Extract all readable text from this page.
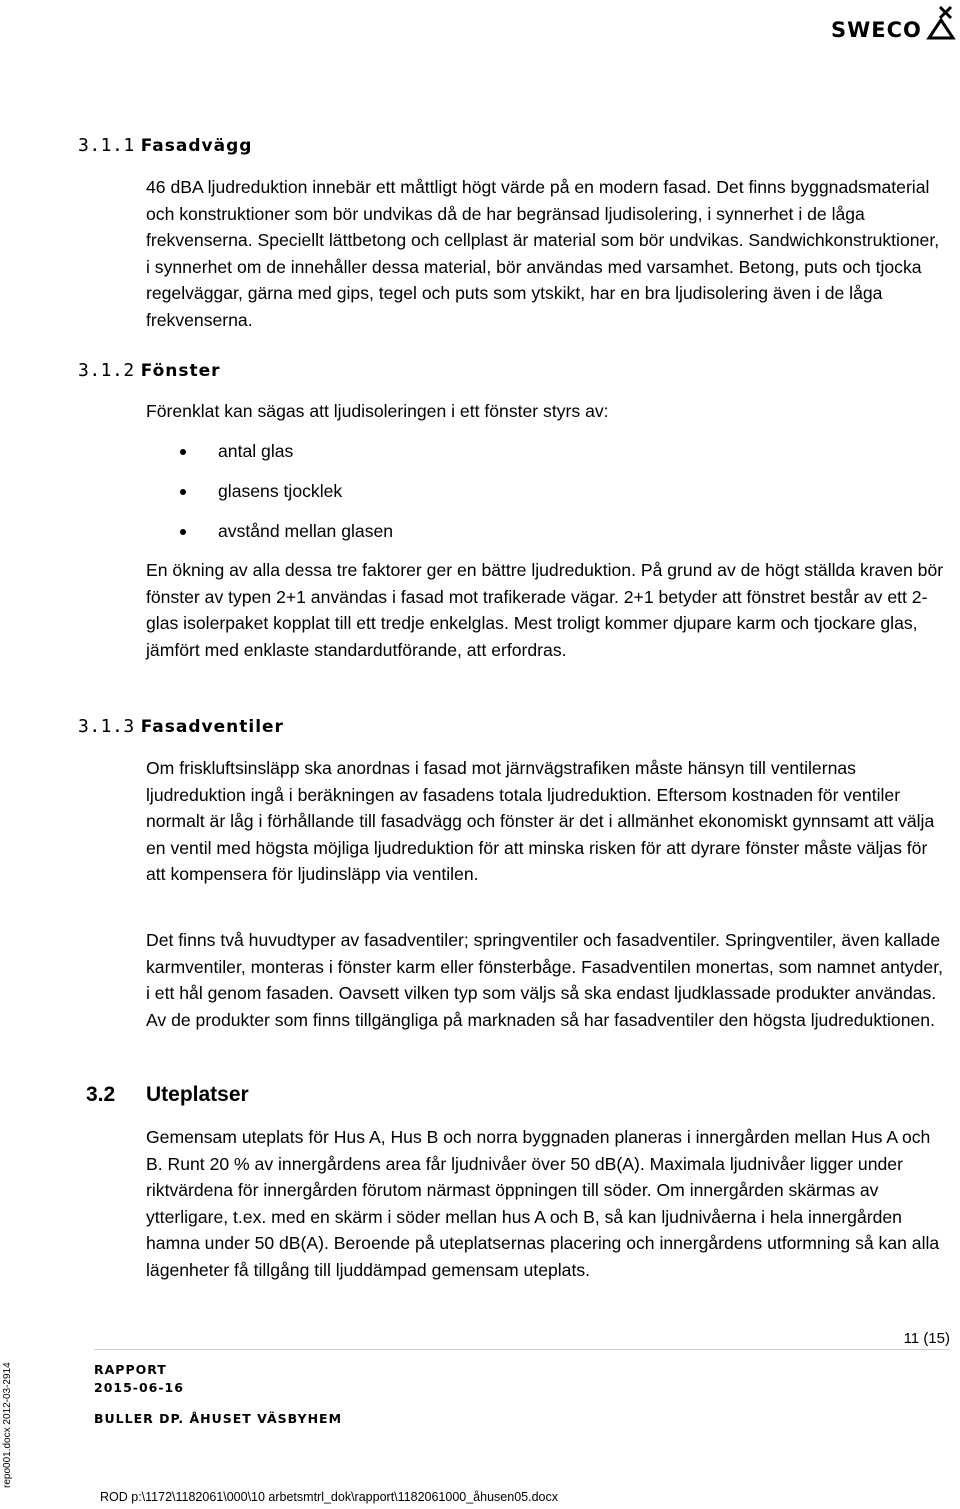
SWECO
3.1.1 Fasadvägg

46 dBA ljudreduktion innebär ett måttligt högt värde på en modern fasad. Det finns byggnadsmaterial och konstruktioner som bör undvikas då de har begränsad ljudisolering, i synnerhet i de låga frekvenserna. Speciellt lättbetong och cellplast är material som bör undvikas. Sandwichkonstruktioner, i synnerhet om de innehåller dessa material, bör användas med varsamhet. Betong, puts och tjocka regelväggar, gärna med gips, tegel och puts som ytskikt, har en bra ljudisolering även i de låga frekvenserna.

3.1.2 Fönster

Förenklat kan sägas att ljudisoleringen i ett fönster styrs av:

antal glas
glasens tjocklek
avstånd mellan glasen

En ökning av alla dessa tre faktorer ger en bättre ljudreduktion. På grund av de högt ställda kraven bör fönster av typen 2+1 användas i fasad mot trafikerade vägar. 2+1 betyder att fönstret består av ett 2-glas isolerpaket kopplat till ett tredje enkelglas. Mest troligt kommer djupare karm och tjockare glas, jämfört med enklaste standardutförande, att erfordras.

3.1.3 Fasadventiler

Om friskluftsinsläpp ska anordnas i fasad mot järnvägstrafiken måste hänsyn till ventilernas ljudreduktion ingå i beräkningen av fasadens totala ljudreduktion. Eftersom kostnaden för ventiler normalt är låg i förhållande till fasadvägg och fönster är det i allmänhet ekonomiskt gynnsamt att välja en ventil med högsta möjliga ljudreduktion för att minska risken för att dyrare fönster måste väljas för att kompensera för ljudinsläpp via ventilen.

Det finns två huvudtyper av fasadventiler; springventiler och fasadventiler. Springventiler, även kallade karmventiler, monteras i fönster karm eller fönsterbåge. Fasadventilen monertas, som namnet antyder, i ett hål genom fasaden. Oavsett vilken typ som väljs så ska endast ljudklassade produkter användas. Av de produkter som finns tillgängliga på marknaden så har fasadventiler den högsta ljudreduktionen.

3.2 Uteplatser

Gemensam uteplats för Hus A, Hus B och norra byggnaden planeras i innergården mellan Hus A och B. Runt 20 % av innergårdens area får ljudnivåer över 50 dB(A). Maximala ljudnivåer ligger under riktvärdena för innergården förutom närmast öppningen till söder. Om innergården skärmas av ytterligare, t.ex. med en skärm i söder mellan hus A och B, så kan ljudnivåerna i hela innergården hamna under 50 dB(A). Beroende på uteplatsernas placering och innergårdens utformning så kan alla lägenheter få tillgång till ljuddämpad gemensam uteplats.

11 (15)
RAPPORT
2015-06-16
BULLER DP. ÅHUSET VÄSBYHEM
ROD p:\1172\1182061\000\10 arbetsmtrl_dok\rapport\1182061000_åhusen05.docx
repo001.docx 2012-03-2914
